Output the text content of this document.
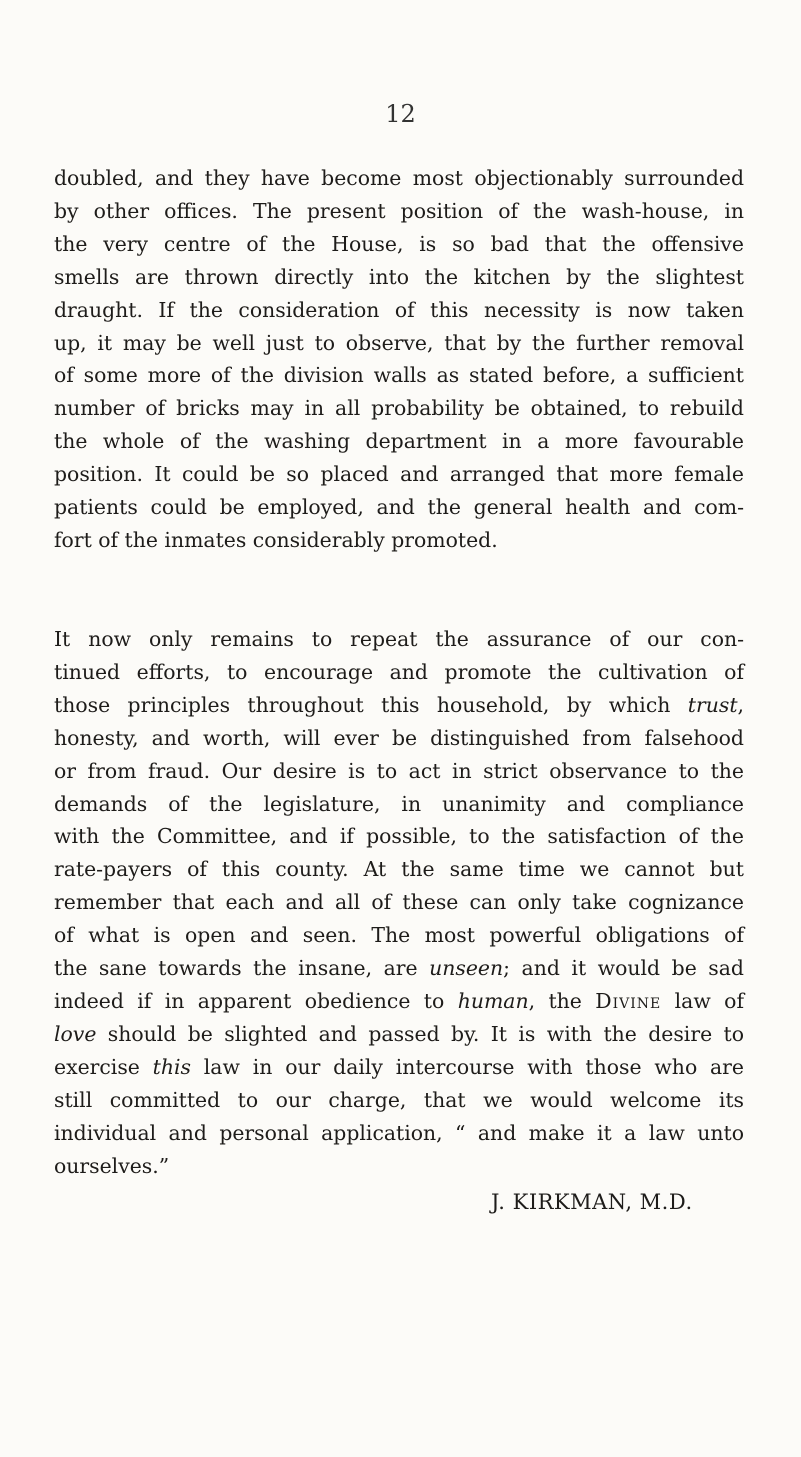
12
doubled, and they have become most objectionably surrounded
by other offices. The present position of the wash-house, in
the very centre of the House, is so bad that the offensive
smells are thrown directly into the kitchen by the slightest
draught. If the consideration of this necessity is now taken
up, it may be well just to observe, that by the further removal
of some more of the division walls as stated before, a sufficient
number of bricks may in all probability be obtained, to rebuild
the whole of the washing department in a more favourable
position. It could be so placed and arranged that more female
patients could be employed, and the general health and com-
fort of the inmates considerably promoted.
It now only remains to repeat the assurance of our con-
tinued efforts, to encourage and promote the cultivation of
those principles throughout this household, by which trust,
honesty, and worth, will ever be distinguished from falsehood
or from fraud. Our desire is to act in strict observance to the
demands of the legislature, in unanimity and compliance
with the Committee, and if possible, to the satisfaction of the
rate-payers of this county. At the same time we cannot but
remember that each and all of these can only take cognizance
of what is open and seen. The most powerful obligations of
the sane towards the insane, are unseen; and it would be sad
indeed if in apparent obedience to human, the Divine law of
love should be slighted and passed by. It is with the desire to
exercise this law in our daily intercourse with those who are
still committed to our charge, that we would welcome its
individual and personal application, “ and make it a law unto
ourselves.”
J. KIRKMAN, M.D.
